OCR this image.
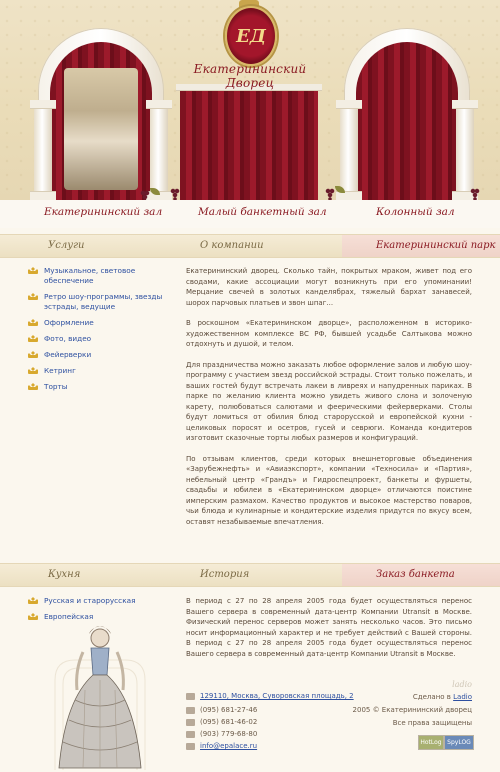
ЕД
Екатерининский Дворец
Екатерининский зал	Малый банкетный зал	Колонный зал
Услуги	О компании	Екатерининский парк
Музыкальное, световое обеспечение
Ретро шоу-программы, звезды эстрады, ведущие
Оформление
Фото, видео
Фейерверки
Кетринг
Торты

Екатерининский дворец. Сколько тайн, покрытых мраком, живет под его сводами, какие ассоциации могут возникнуть при его упоминании! Мерцание свечей в золотых канделябрах, тяжелый бархат занавесей, шорох парчовых платьев и звон шпаг...

В роскошном «Екатерининском дворце», расположенном в историко-художественном комплексе ВС РФ, бывшей усадьбе Салтыкова можно отдохнуть и душой, и телом.

Для праздничества можно заказать любое оформление залов и любую шоу-программу с участием звезд российской эстрады. Стоит только пожелать, и ваших гостей будут встречать лакеи в ливреях и напудренных париках. В парке по желанию клиента можно увидеть живого слона и золоченую карету, полюбоваться салютами и феерическими фейерверками. Столы будут ломиться от обилия блюд старорусской и европейской кухни - целиковых поросят и осетров, гусей и севрюги. Команда кондитеров изготовит сказочные торты любых размеров и конфигураций.

По отзывам клиентов, среди которых внешнеторговые объединения «Зарубежнефть» и «Авиаэкспорт», компании «Техносила» и «Партия», небельный центр «Грандъ» и Гидроспецпроект, банкеты и фуршеты, свадьбы и юбилеи в «Екатерининском дворце» отличаются поистине имперским размахом. Качество продуктов и высокое мастерство поваров, чьи блюда и кулинарные и кондитерские изделия придутся по вкусу всем, оставят незабываемые впечатления.

Кухня	История	Заказ банкета
Русская и старорусская
Европейская

В период с 27 по 28 апреля 2005 года будет осуществляться перенос Вашего сервера в современный дата-центр Компании Utransit в Москве. Физический перенос серверов может занять несколько часов. Это письмо носит информационный характер и не требует действий с Вашей стороны. В период с 27 по 28 апреля 2005 года будет осуществляться перенос Вашего сервера в современный дата-центр Компании Utransit в Москве.

129110, Москва, Суворовская площадь, 2
(095) 681-27-46
(095) 681-46-02
(903) 779-68-80
info@epalace.ru
ladio
Сделано в Ladio
2005 © Екатерининский дворец
Все права защищены
HotLog SpyLOG
